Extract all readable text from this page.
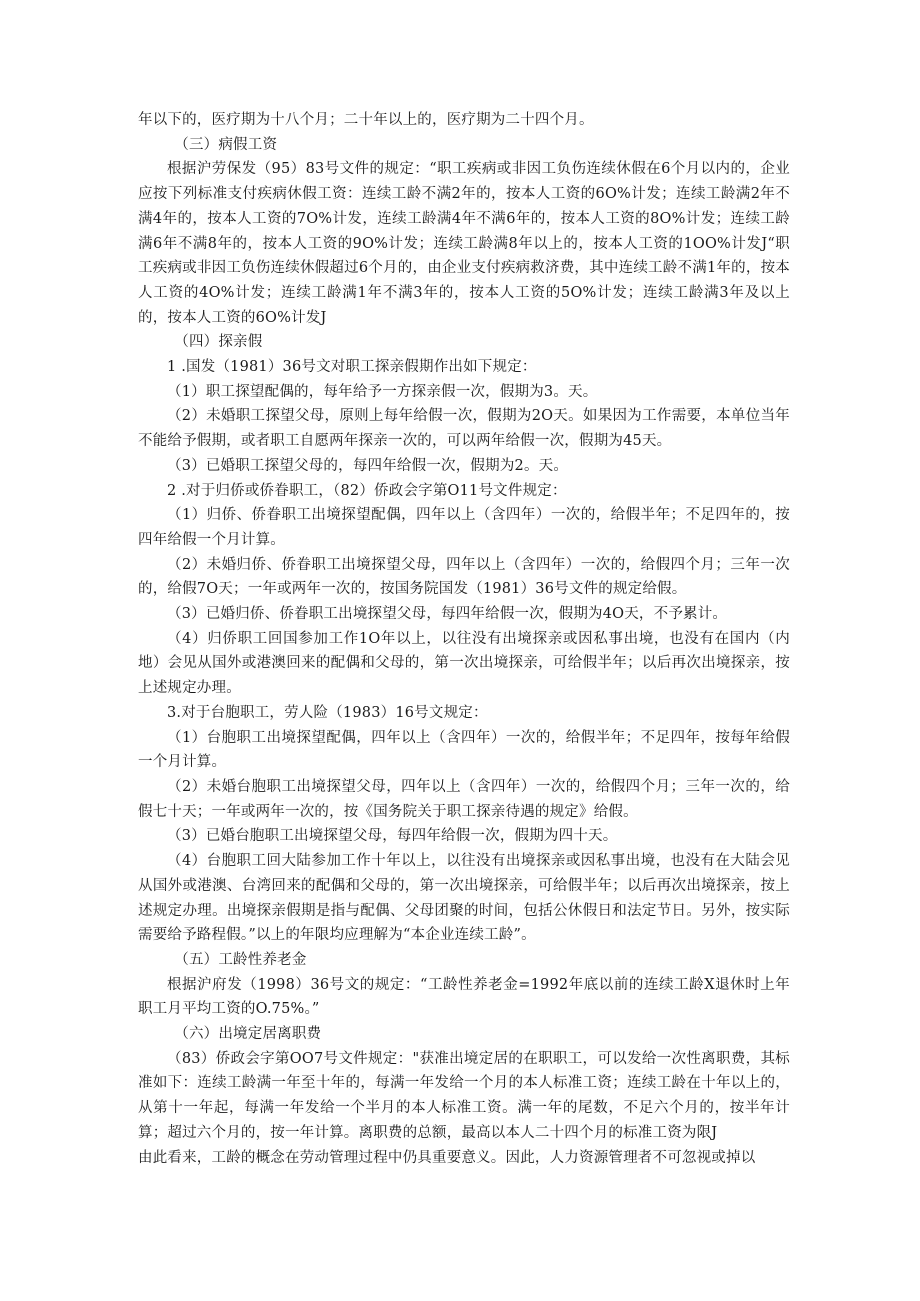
年以下的，医疗期为十八个月；二十年以上的，医疗期为二十四个月。

（三）病假工资

根据沪劳保发（95）83号文件的规定：“职工疾病或非因工负伤连续休假在6个月以内的，企业应按下列标准支付疾病休假工资：连续工龄不满2年的，按本人工资的6O%计发；连续工龄满2年不满4年的，按本人工资的7O%计发，连续工龄满4年不满6年的，按本人工资的8O%计发；连续工龄满6年不满8年的，按本人工资的9O%计发；连续工龄满8年以上的，按本人工资的1OO%计发J“职工疾病或非因工负伤连续休假超过6个月的，由企业支付疾病救济费，其中连续工龄不满1年的，按本人工资的4O%计发；连续工龄满1年不满3年的，按本人工资的5O%计发；连续工龄满3年及以上的，按本人工资的6O%计发J

（四）探亲假

1 .国发（1981）36号文对职工探亲假期作出如下规定：

（1）职工探望配偶的，每年给予一方探亲假一次，假期为3。天。

（2）未婚职工探望父母，原则上每年给假一次，假期为2O天。如果因为工作需要，本单位当年不能给予假期，或者职工自愿两年探亲一次的，可以两年给假一次，假期为45天。

（3）已婚职工探望父母的，每四年给假一次，假期为2。天。

2 .对于归侨或侨眷职工，（82）侨政会字第O11号文件规定：

（1）归侨、侨眷职工出境探望配偶，四年以上（含四年）一次的，给假半年；不足四年的，按四年给假一个月计算。

（2）未婚归侨、侨眷职工出境探望父母，四年以上（含四年）一次的，给假四个月；三年一次的，给假7O天；一年或两年一次的，按国务院国发（1981）36号文件的规定给假。

（3）已婚归侨、侨眷职工出境探望父母，每四年给假一次，假期为4O天，不予累计。

（4）归侨职工回国参加工作1O年以上，以往没有出境探亲或因私事出境，也没有在国内（内地）会见从国外或港澳回来的配偶和父母的，第一次出境探亲，可给假半年；以后再次出境探亲，按上述规定办理。

3.对于台胞职工，劳人险（1983）16号文规定：

（1）台胞职工出境探望配偶，四年以上（含四年）一次的，给假半年；不足四年，按每年给假一个月计算。

（2）未婚台胞职工出境探望父母，四年以上（含四年）一次的，给假四个月；三年一次的，给假七十天；一年或两年一次的，按《国务院关于职工探亲待遇的规定》给假。

（3）已婚台胞职工出境探望父母，每四年给假一次，假期为四十天。

（4）台胞职工回大陆参加工作十年以上，以往没有出境探亲或因私事出境，也没有在大陆会见从国外或港澳、台湾回来的配偶和父母的，第一次出境探亲，可给假半年；以后再次出境探亲，按上述规定办理。出境探亲假期是指与配偶、父母团聚的时间，包括公休假日和法定节日。另外，按实际需要给予路程假。”以上的年限均应理解为“本企业连续工龄”。

（五）工龄性养老金

根据沪府发（1998）36号文的规定：“工龄性养老金=1992年底以前的连续工龄X退休时上年职工月平均工资的O.75%。”

（六）出境定居离职费

（83）侨政会字第OO7号文件规定："获准出境定居的在职职工，可以发给一次性离职费，其标准如下：连续工龄满一年至十年的，每满一年发给一个月的本人标准工资；连续工龄在十年以上的，从第十一年起，每满一年发给一个半月的本人标准工资。满一年的尾数，不足六个月的，按半年计算；超过六个月的，按一年计算。离职费的总额，最高以本人二十四个月的标准工资为限J

由此看来，工龄的概念在劳动管理过程中仍具重要意义。因此，人力资源管理者不可忽视或掉以
